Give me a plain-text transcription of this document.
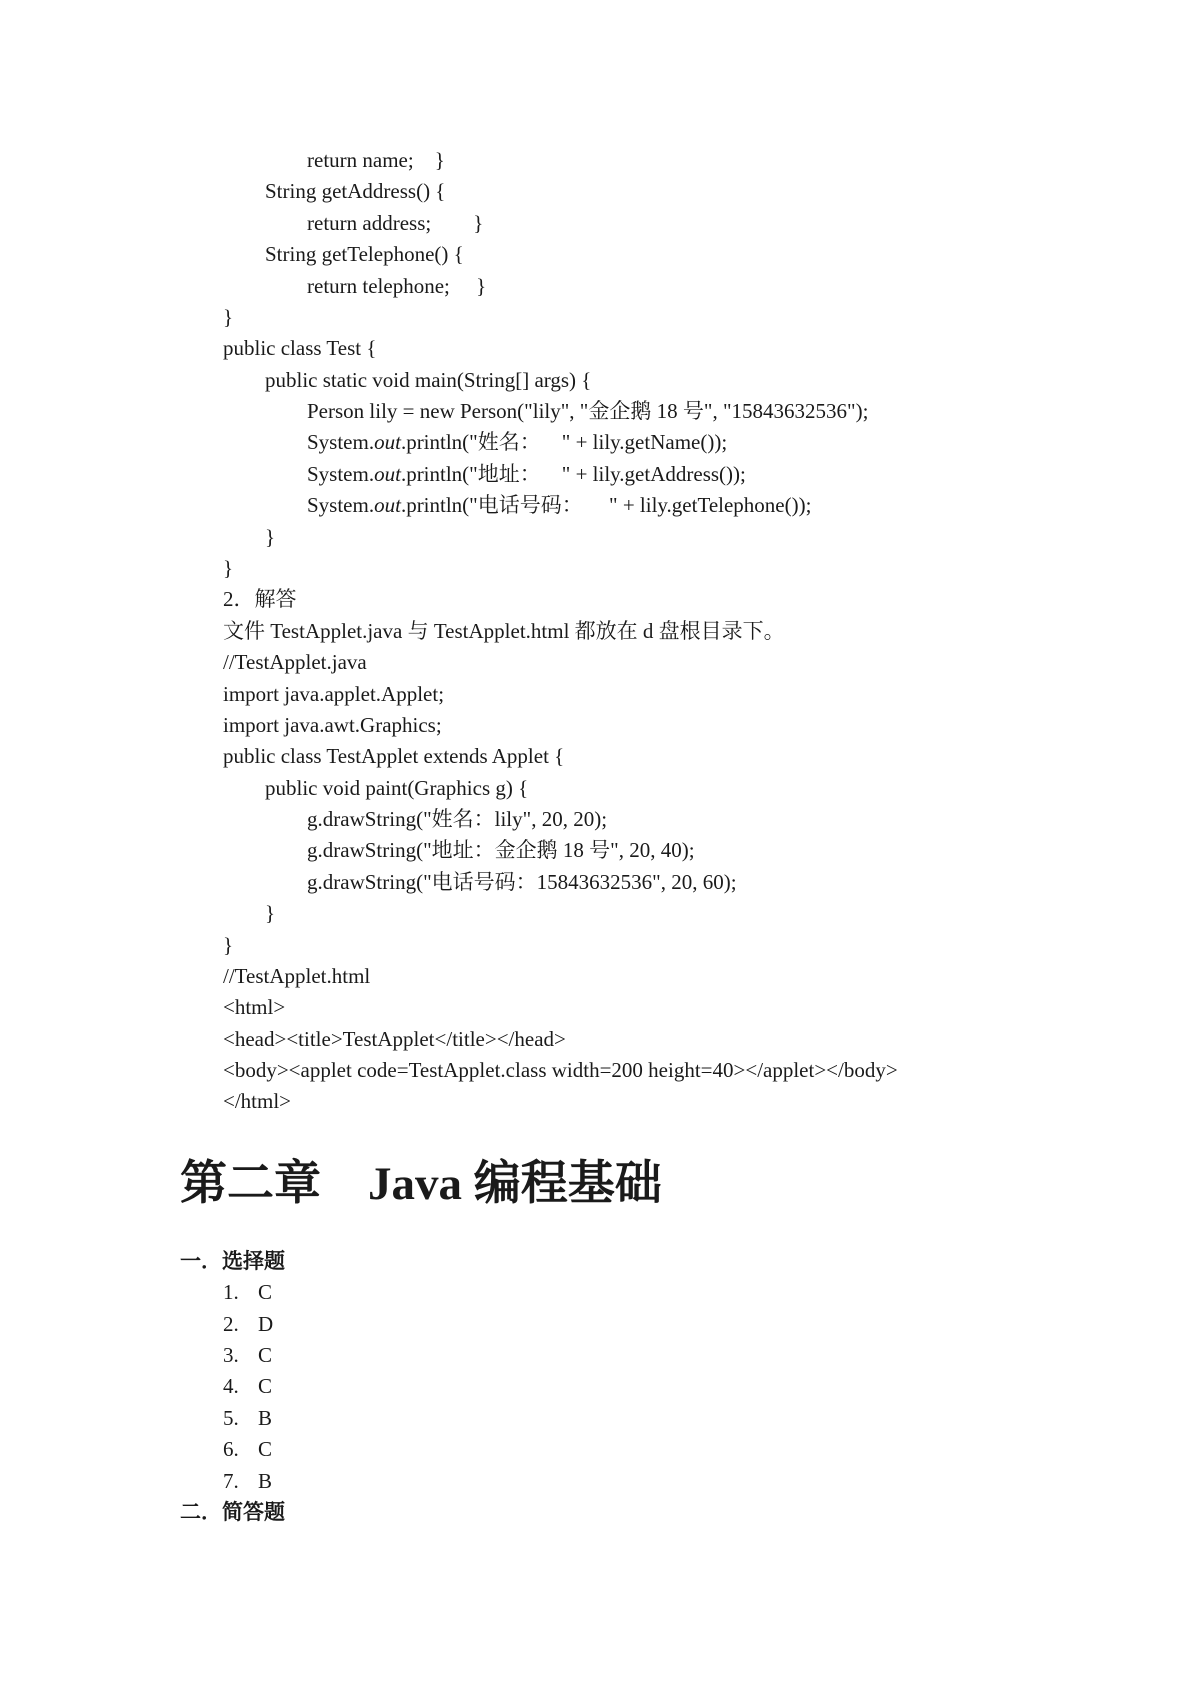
return name;    }
String getAddress() {
return address;        }
String getTelephone() {
return telephone;     }
}
public class Test {
public static void main(String[] args) {
Person lily = new Person("lily", "金企鹅 18 号", "15843632536");
System.out.println("姓名：    " + lily.getName());
System.out.println("地址：    " + lily.getAddress());
System.out.println("电话号码：     " + lily.getTelephone());
}
}
2．解答
文件 TestApplet.java 与 TestApplet.html 都放在 d 盘根目录下。
//TestApplet.java
import java.applet.Applet;
import java.awt.Graphics;
public class TestApplet extends Applet {
public void paint(Graphics g) {
g.drawString("姓名：lily", 20, 20);
g.drawString("地址：金企鹅 18 号", 20, 40);
g.drawString("电话号码：15843632536", 20, 60);
}
}
//TestApplet.html
<html>
<head><title>TestApplet</title></head>
<body><applet code=TestApplet.class width=200 height=40></applet></body>
</html>
第二章    Java 编程基础
一．选择题
1. C
2. D
3. C
4. C
5. B
6. C
7. B
二．简答题
